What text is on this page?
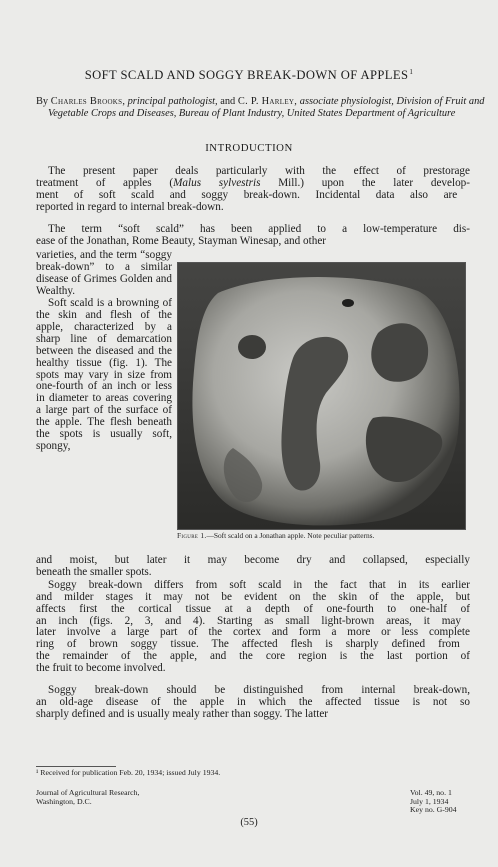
SOFT SCALD AND SOGGY BREAK-DOWN OF APPLES$^1$
By Charles Brooks, principal pathologist, and C. P. Harley, associate physiologist, Division of Fruit and Vegetable Crops and Diseases, Bureau of Plant Industry, United States Department of Agriculture
INTRODUCTION
The present paper deals particularly with the effect of prestorage
treatment of apples (Malus sylvestris Mill.) upon the later develop-
ment of soft scald and soggy break-down. Incidental data also are
reported in regard to internal break-down.
The term “soft scald” has been applied to a low-temperature dis-
ease of the Jonathan, Rome Beauty, Stayman Winesap, and other

varieties, and the term “soggy break-down” to a similar disease of Grimes Golden and Wealthy.

Soft scald is a browning of the skin and flesh of the apple, characterized by a sharp line of demarcation between the diseased and the healthy tissue (fig. 1). The spots may vary in size from one-fourth of an inch or less in diameter to areas covering a large part of the surface of the apple. The flesh beneath the spots is usually soft, spongy,

Figure 1.—Soft scald on a Jonathan apple. Note peculiar patterns.
and moist, but later it may become dry and collapsed, especially
beneath the smaller spots.
Soggy break-down differs from soft scald in the fact that in its earlier
and milder stages it may not be evident on the skin of the apple, but
affects first the cortical tissue at a depth of one-fourth to one-half of
an inch (figs. 2, 3, and 4). Starting as small light-brown areas, it may
later involve a large part of the cortex and form a more or less complete
ring of brown soggy tissue. The affected flesh is sharply defined from
the remainder of the apple, and the core region is the last portion of
the fruit to become involved.
Soggy break-down should be distinguished from internal break-down,
an old-age disease of the apple in which the affected tissue is not so
sharply defined and is usually mealy rather than soggy. The latter
¹ Received for publication Feb. 20, 1934; issued July 1934.
Journal of Agricultural Research,
Washington, D.C.
Vol. 49, no. 1
July 1, 1934
Key no. G-904
(55)
